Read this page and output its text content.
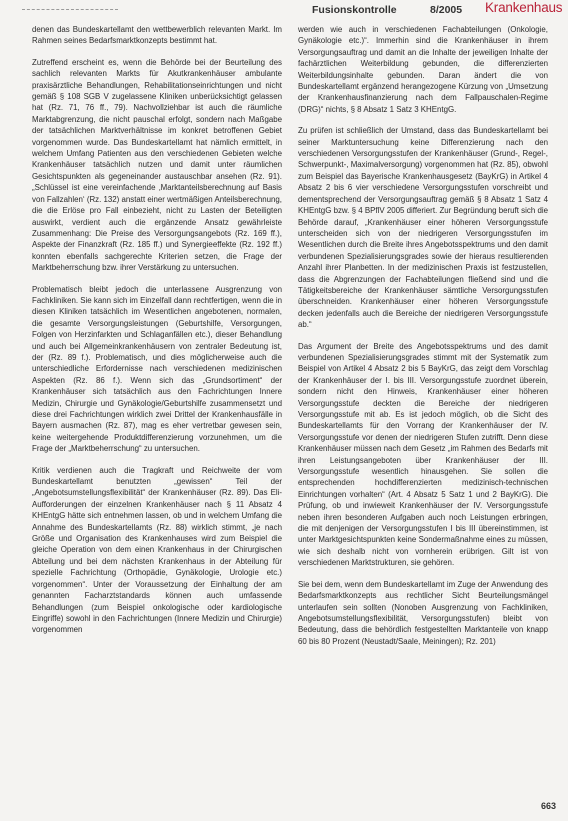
Fusionskontrolle	8/2005 Krankenhaus

denen das Bundeskartellamt den wettbewerblich relevanten Markt. Im Rahmen seines Bedarfsmarktkonzepts bestimmt hat.

Zutreffend erscheint es, wenn die Behörde bei der Beurteilung des sachlich relevanten Markts für Akutkrankenhäuser ambulante praxisärztliche Behandlungen, Rehabilitationseinrichtungen und nicht gemäß § 108 SGB V zugelassene Kliniken unberücksichtigt gelassen hat (Rz. 71, 76 ff., 79). Nachvollziehbar ist auch die räumliche Marktabgrenzung, die nicht pauschal erfolgt, sondern nach Maßgabe der tatsächlichen Marktverhältnisse im konkret betroffenen Gebiet vorgenommen wurde. Das Bundeskartellamt hat nämlich ermittelt, in welchem Umfang Patienten aus den verschiedenen Gebieten welche Krankenhäuser tatsächlich nutzen und damit unter räumlichen Gesichtspunkten als gegeneinander austauschbar ansehen (Rz. 91). „Schlüssel ist eine vereinfachende ‚Marktanteilsberechnung auf Basis von Fallzahlen‘ (Rz. 132) anstatt einer wertmäßigen Anteilsberechnung, die die Erlöse pro Fall einbezieht, nicht zu Lasten der Beteiligten auswirkt, verdient auch die ergänzende Ansatz gewährleiste Zusammenhang: Die Preise des Versorgungsangebots (Rz. 169 ff.), Aspekte der Finanzkraft (Rz. 185 ff.) und Synergieeffekte (Rz. 192 ff.) konnten ebenfalls sachgerechte Kriterien setzen, die Frage der Marktbeherrschung bzw. ihrer Verstärkung zu untersuchen.

Problematisch bleibt jedoch die unterlassene Ausgrenzung von Fachkliniken. Sie kann sich im Einzelfall dann rechtfertigen, wenn die in diesen Kliniken tatsächlich im Wesentlichen angebotenen, normalen, die gesamte Versorgungsleistungen (Geburtshilfe, Versorgungen, Folgen von Herzinfarkten und Schlaganfällen etc.), dieser Behandlung und auch bei Allgemeinkrankenhäusern von zentraler Bedeutung ist, der (Rz. 89 f.). Problematisch, und dies möglicherweise auch die unterschiedliche Erfordernisse nach verschiedenen medizinischen Aspekten (Rz. 86 f.). Wenn sich das „Grundsortiment“ der Krankenhäuser sich tatsächlich aus den Fachrichtungen Innere Medizin, Chirurgie und Gynäkologie/Geburtshilfe zusammensetzt und diese drei Fachrichtungen wirklich zwei Drittel der Krankenhausfälle in Bayern ausmachen (Rz. 87), mag es eher vertretbar gewesen sein, keine weitergehende Produktdifferenzierung vorzunehmen, um die Frage der „Marktbeherrschung“ zu untersuchen.

Kritik verdienen auch die Tragkraft und Reichweite der vom Bundeskartellamt benutzten „gewissen“ Teil der „Angebotsumstellungsflexibilität“ der Krankenhäuser (Rz. 89). Das Eli-Aufforderungen der einzelnen Krankenhäuser nach § 11 Absatz 4 KHEntgG hätte sich entnehmen lassen, ob und in welchem Umfang die Annahme des Bundeskartellamts (Rz. 88) wirklich stimmt, „je nach Größe und Organisation des Krankenhauses wird zum Beispiel die gleiche Operation von dem einen Krankenhaus in der Chirurgischen Abteilung und bei dem nächsten Krankenhaus in der Abteilung für spezielle Fachrichtung (Orthopädie, Gynäkologie, Urologie etc.) vorgenommen“. Unter der Voraussetzung der Einhaltung der am genannten Facharztstandards können auch umfassende Behandlungen (zum Beispiel onkologische oder kardiologische Eingriffe) sowohl in den Fachrichtungen (Innere Medizin und Chirurgie) vorgenommen

werden wie auch in verschiedenen Fachabteilungen (Onkologie, Gynäkologie etc.)“. Immerhin sind die Krankenhäuser in ihrem Versorgungsauftrag und damit an die Inhalte der jeweiligen Inhalte der fachärztlichen Weiterbildung gebunden, die differenzierten Weiterbildungsinhalte gebunden. Daran ändert die von Bundeskartellamt ergänzend herangezogene Kürzung von „Umsetzung der Krankenhausfinanzierung nach dem Fallpauschalen-Regime (DRG)“ nichts, § 8 Absatz 1 Satz 3 KHEntgG.

Zu prüfen ist schließlich der Umstand, dass das Bundeskartellamt bei seiner Marktuntersuchung keine Differenzierung nach den verschiedenen Versorgungsstufen der Krankenhäuser (Grund-, Regel-, Schwerpunkt-, Maximalversorgung) vorgenommen hat (Rz. 85), obwohl zum Beispiel das Bayerische Krankenhausgesetz (BayKrG) in Artikel 4 Absatz 2 bis 6 vier verschiedene Versorgungsstufen vorschreibt und dementsprechend der Versorgungsauftrag gemäß § 8 Absatz 1 Satz 4 KHEntgG bzw. § 4 BPflV 2005 differiert. Zur Begründung beruft sich die Behörde darauf, „Krankenhäuser einer höheren Versorgungsstufe unterscheiden sich von der niedrigeren Versorgungsstufen im Wesentlichen durch die Breite ihres Angebotsspektrums und den damit verbundenen Spezialisierungsgrades sowie der hieraus resultierenden Anzahl ihrer Planbetten. In der medizinischen Praxis ist festzustellen, dass die Abgrenzungen der Fachabteilungen fließend sind und die Tätigkeitsbereiche der Krankenhäuser sämtliche Versorgungsstufen überschneiden. Krankenhäuser einer höheren Versorgungsstufe decken jedenfalls auch die Bereiche der niedrigeren Versorgungsstufe ab.“

Das Argument der Breite des Angebotsspektrums und des damit verbundenen Spezialisierungsgrades stimmt mit der Systematik zum Beispiel von Artikel 4 Absatz 2 bis 5 BayKrG, das zeigt dem Vorschlag der Krankenhäuser der I. bis III. Versorgungsstufe zuordnet überein, sondern nicht den Hinweis, Krankenhäuser einer höheren Versorgungsstufe deckten die Bereiche der niedrigeren Versorgungsstufe mit ab. Es ist jedoch möglich, ob die Sicht des Bundeskartellamts für den Vorrang der Krankenhäuser der IV. Versorgungsstufe vor denen der niedrigeren Stufen zutrifft. Denn diese Krankenhäuser müssen nach dem Gesetz „im Rahmen des Bedarfs mit ihren Leistungsangeboten über Krankenhäuser der III. Versorgungsstufe wesentlich hinausgehen. Sie sollen die entsprechenden hochdifferenzierten medizinisch-technischen Einrichtungen vorhalten“ (Art. 4 Absatz 5 Satz 1 und 2 BayKrG). Die Prüfung, ob und inwieweit Krankenhäuser der IV. Versorgungsstufe neben ihren besonderen Aufgaben auch noch Leistungen erbringen, die mit denjenigen der Versorgungsstufen I bis III übereinstimmen, ist unter Marktgesichtspunkten keine Sondermaßnahme eines zu müssen, wie sich deshalb nicht von vornherein erübrigen. Gilt ist von verschiedenen Marktstrukturen, sie gehören.

Sie bei dem, wenn dem Bundeskartellamt im Zuge der Anwendung des Bedarfsmarktkonzepts aus rechtlicher Sicht Beurteilungsmängel unterlaufen sein sollten (Nonoben Ausgrenzung von Fachkliniken, Angebotsumstellungsflexibilität, Versorgungsstufen) bleibt von Bedeutung, dass die behördlich festgestellten Marktanteile von knapp 60 bis 80 Prozent (Neustadt/Saale, Meiningen); Rz. 201)

663
